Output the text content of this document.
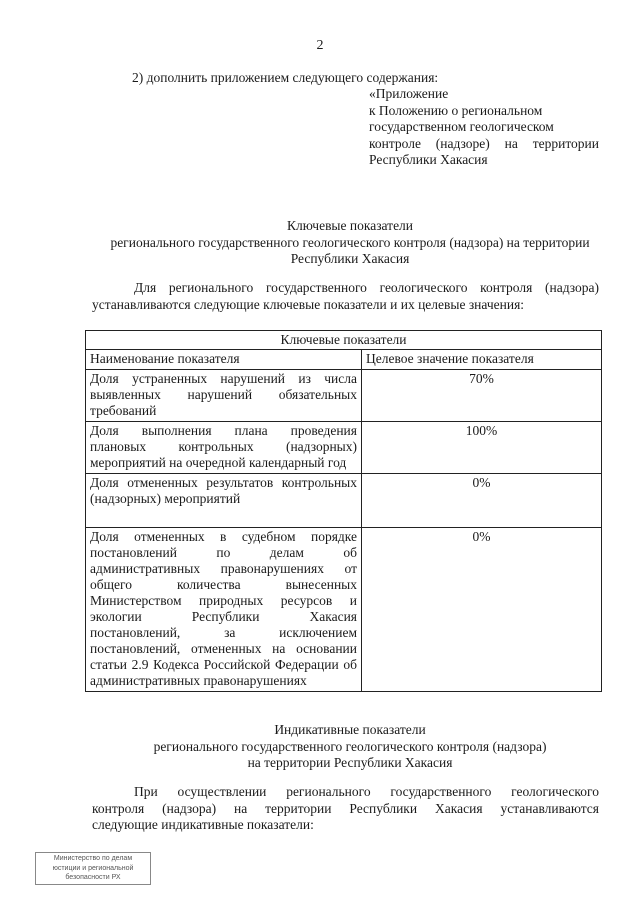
2
2) дополнить приложением следующего содержания:
«Приложение
к Положению о региональном
государственном геологическом
контроле (надзоре) на территории
Республики Хакасия
Ключевые показатели
регионального государственного геологического контроля (надзора) на территории
Республики Хакасия
Для регионального государственного геологического контроля (надзора)
устанавливаются следующие ключевые показатели и их целевые значения:
Ключевые показатели	
Наименование показателя	Целевое значение показателя
Доля устраненных нарушений из числа выявленных нарушений обязательных требований	70%
Доля выполнения плана проведения плановых контрольных (надзорных) мероприятий на очередной календарный год	100%
Доля отмененных результатов контрольных (надзорных) мероприятий	0%
Доля отмененных в судебном порядке постановлений по делам об административных правонарушениях от общего количества вынесенных Министерством природных ресурсов и экологии Республики Хакасия постановлений, за исключением постановлений, отмененных на основании статьи 2.9 Кодекса Российской Федерации об административных правонарушениях	0%
Индикативные показатели
регионального государственного геологического контроля (надзора)
на территории Республики Хакасия
При осуществлении регионального государственного геологического
контроля (надзора) на территории Республики Хакасия устанавливаются
следующие индикативные показатели:
Министерство по делам
юстиции и региональной
безопасности РХ
